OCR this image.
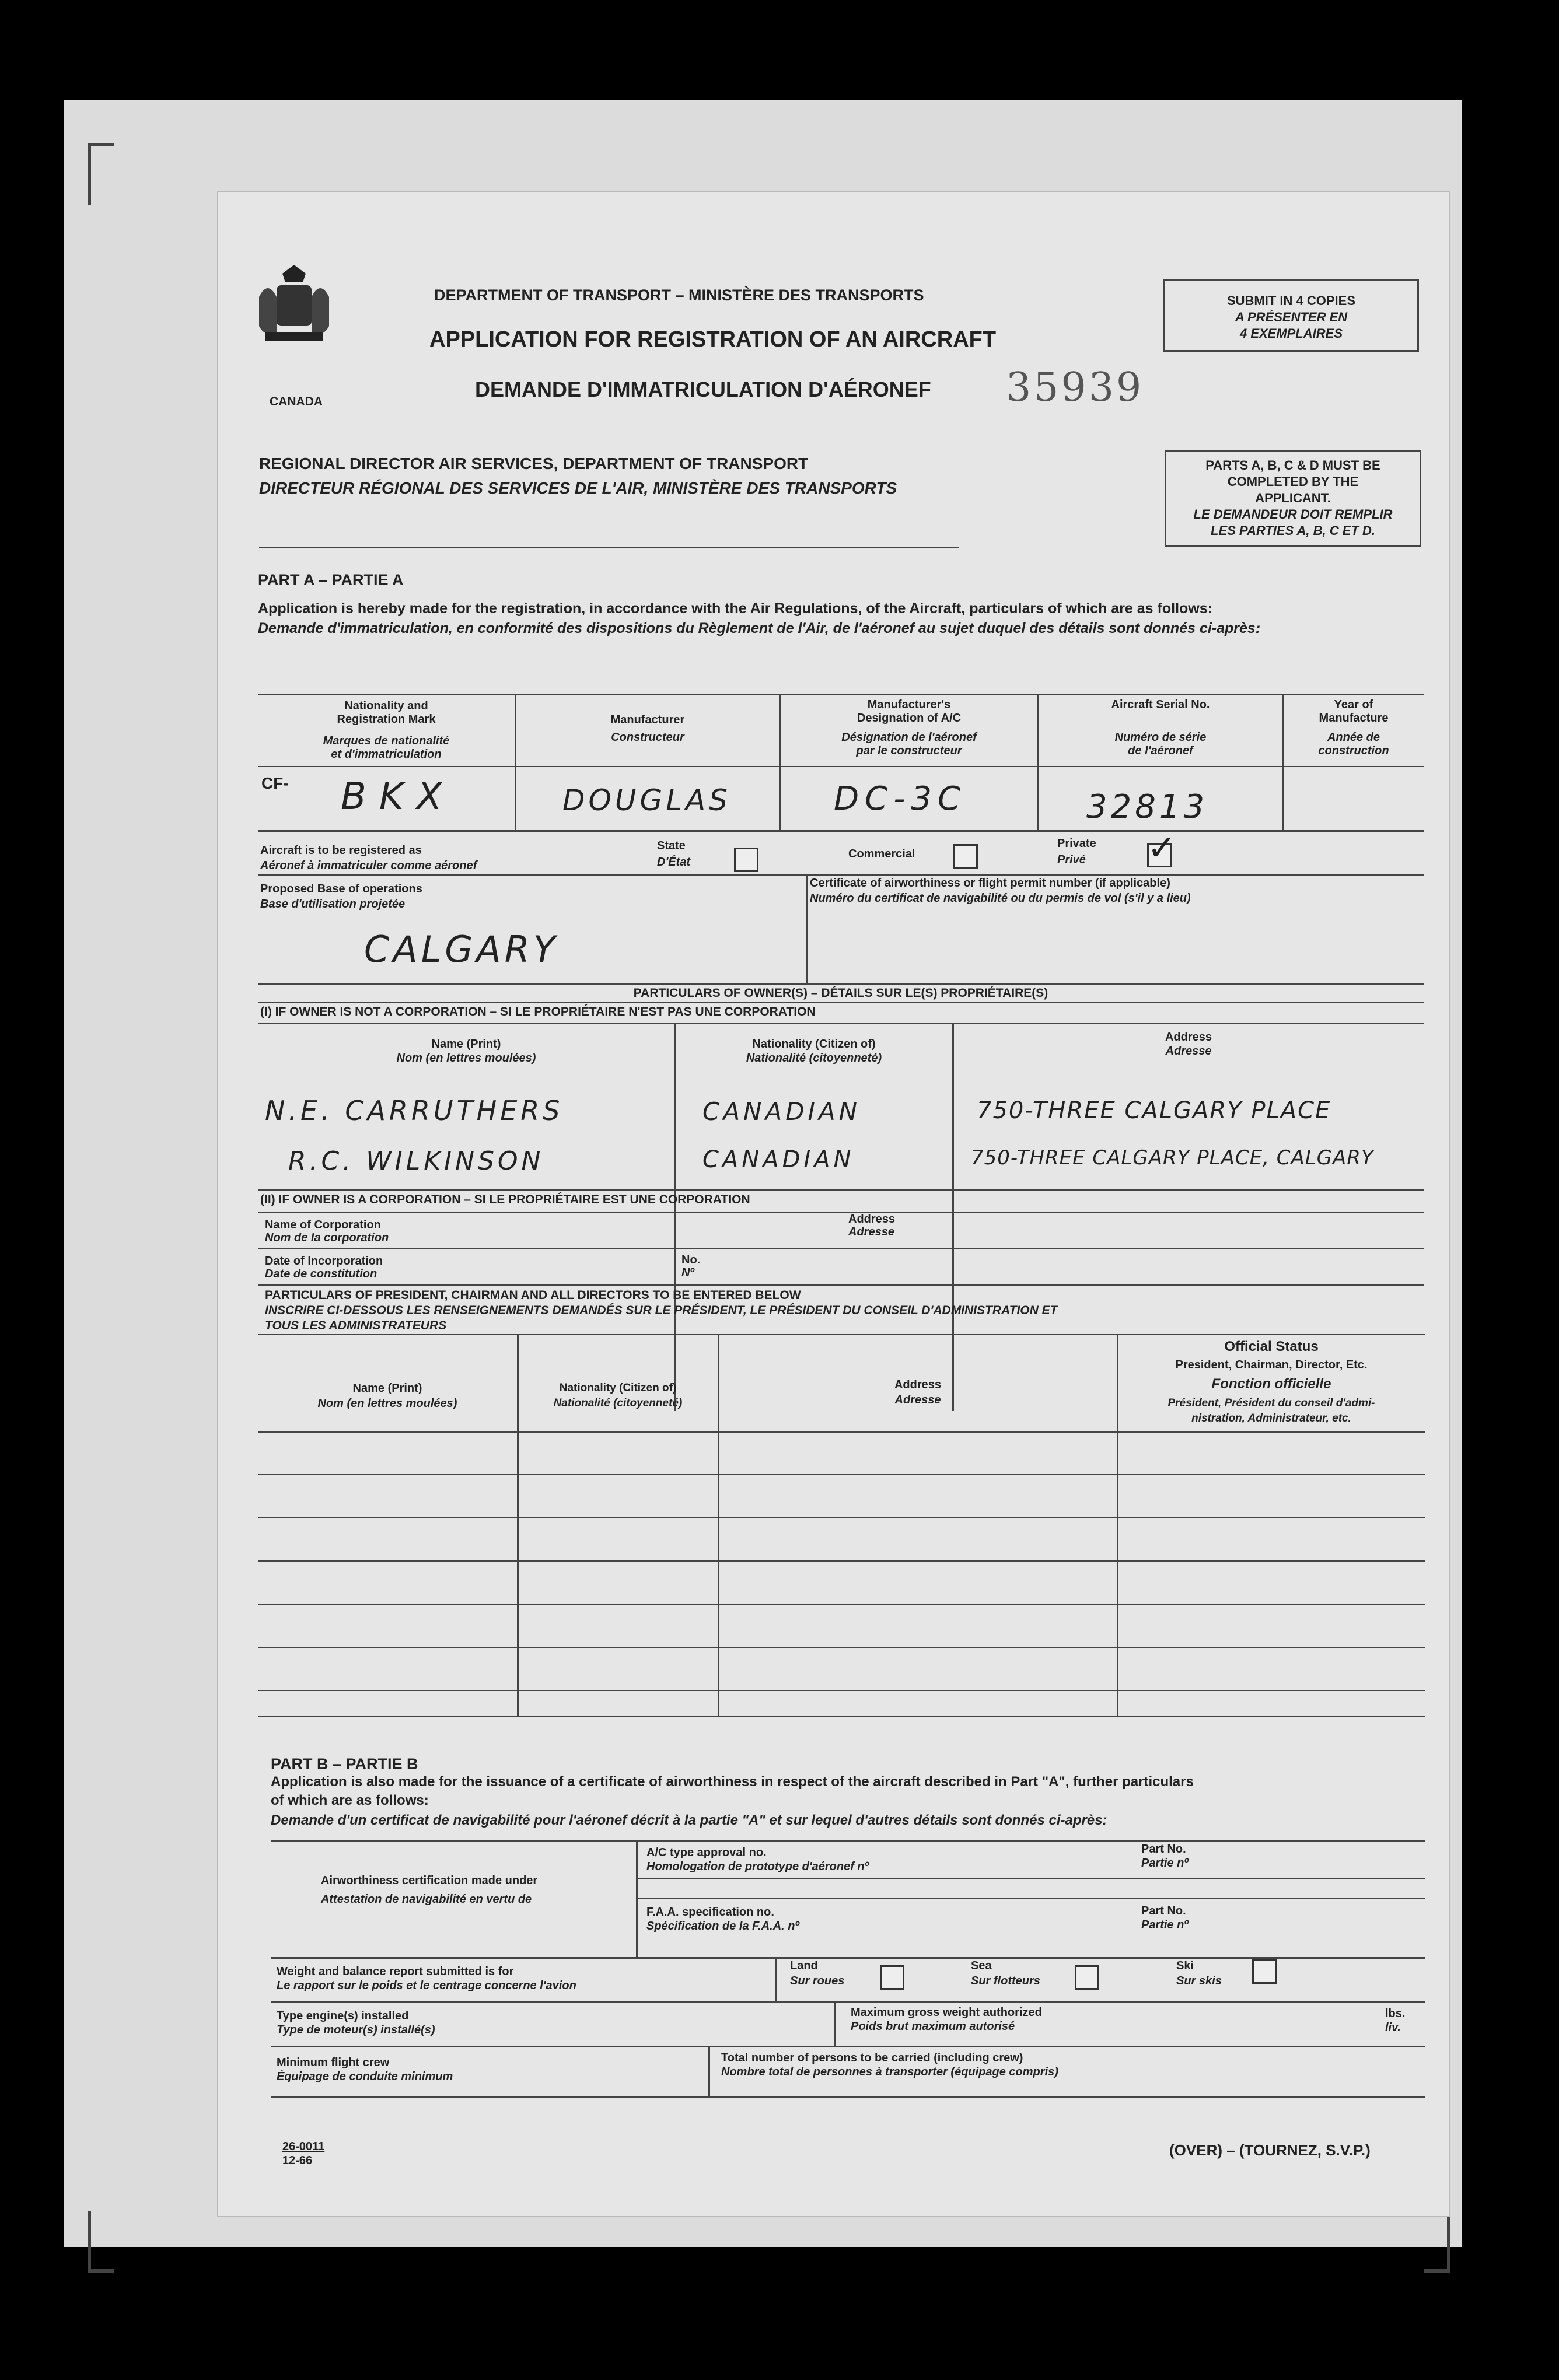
CANADA
DEPARTMENT OF TRANSPORT – MINISTÈRE DES TRANSPORTS
APPLICATION FOR REGISTRATION OF AN AIRCRAFT
DEMANDE D'IMMATRICULATION D'AÉRONEF 35939
SUBMIT IN 4 COPIES
A PRÉSENTER EN
4 EXEMPLAIRES
REGIONAL DIRECTOR AIR SERVICES, DEPARTMENT OF TRANSPORT
DIRECTEUR RÉGIONAL DES SERVICES DE L'AIR, MINISTÈRE DES TRANSPORTS
PARTS A, B, C & D MUST BE
COMPLETED BY THE
APPLICANT.
LE DEMANDEUR DOIT REMPLIR
LES PARTIES A, B, C ET D.
PART A – PARTIE A
Application is hereby made for the registration, in accordance with the Air Regulations, of the Aircraft, particulars of which are as follows:
Demande d'immatriculation, en conformité des dispositions du Règlement de l'Air, de l'aéronef au sujet duquel des détails sont donnés ci-après:
Nationality and Registration Mark
Marques de nationalité et d'immatriculation
Manufacturer
Constructeur
Manufacturer's Designation of A/C
Désignation de l'aéronef par le constructeur
Aircraft Serial No.
Numéro de série de l'aéronef
Year of Manufacture
Année de construction
CF- BKX	DOUGLAS	DC-3C	32813
Aircraft is to be registered as
Aéronef à immatriculer comme aéronef
State
D'État
Commercial
Private
Privé ✓
Proposed Base of operations
Base d'utilisation projetée
CALGARY
Certificate of airworthiness or flight permit number (if applicable)
Numéro du certificat de navigabilité ou du permis de vol (s'il y a lieu)
PARTICULARS OF OWNER(S) – DÉTAILS SUR LE(S) PROPRIÉTAIRE(S)
(I) IF OWNER IS NOT A CORPORATION – SI LE PROPRIÉTAIRE N'EST PAS UNE CORPORATION
Name (Print)
Nom (en lettres moulées)
Nationality (Citizen of)
Nationalité (citoyenneté)
Address
Adresse
N.E. CARRUTHERS	CANADIAN	750-THREE CALGARY PLACE
R.C. WILKINSON	CANADIAN	750-THREE CALGARY PLACE, CALGARY
(II) IF OWNER IS A CORPORATION – SI LE PROPRIÉTAIRE EST UNE CORPORATION
Name of Corporation
Nom de la corporation
Address
Adresse
Date of Incorporation
Date de constitution
No.
Nº
PARTICULARS OF PRESIDENT, CHAIRMAN AND ALL DIRECTORS TO BE ENTERED BELOW
INSCRIRE CI-DESSOUS LES RENSEIGNEMENTS DEMANDÉS SUR LE PRÉSIDENT, LE PRÉSIDENT DU CONSEIL D'ADMINISTRATION ET
TOUS LES ADMINISTRATEURS
Name (Print)
Nom (en lettres moulées)
Nationality (Citizen of)
Nationalité (citoyenneté)
Address
Adresse
Official Status
President, Chairman, Director, Etc.
Fonction officielle
Président, Président du conseil d'admi-
nistration, Administrateur, etc.
PART B – PARTIE B
Application is also made for the issuance of a certificate of airworthiness in respect of the aircraft described in Part "A", further particulars
of which are as follows:
Demande d'un certificat de navigabilité pour l'aéronef décrit à la partie "A" et sur lequel d'autres détails sont donnés ci-après:
Airworthiness certification made under
Attestation de navigabilité en vertu de
A/C type approval no.
Homologation de prototype d'aéronef nº
Part No.
Partie nº
F.A.A. specification no.
Spécification de la F.A.A. nº
Part No.
Partie nº
Weight and balance report submitted is for
Le rapport sur le poids et le centrage concerne l'avion
Land
Sur roues
Sea
Sur flotteurs
Ski
Sur skis
Type engine(s) installed
Type de moteur(s) installé(s)
Maximum gross weight authorized
Poids brut maximum autorisé
lbs.
liv.
Minimum flight crew
Équipage de conduite minimum
Total number of persons to be carried (including crew)
Nombre total de personnes à transporter (équipage compris)
26-0011
12-66
(OVER) – (TOURNEZ, S.V.P.)
